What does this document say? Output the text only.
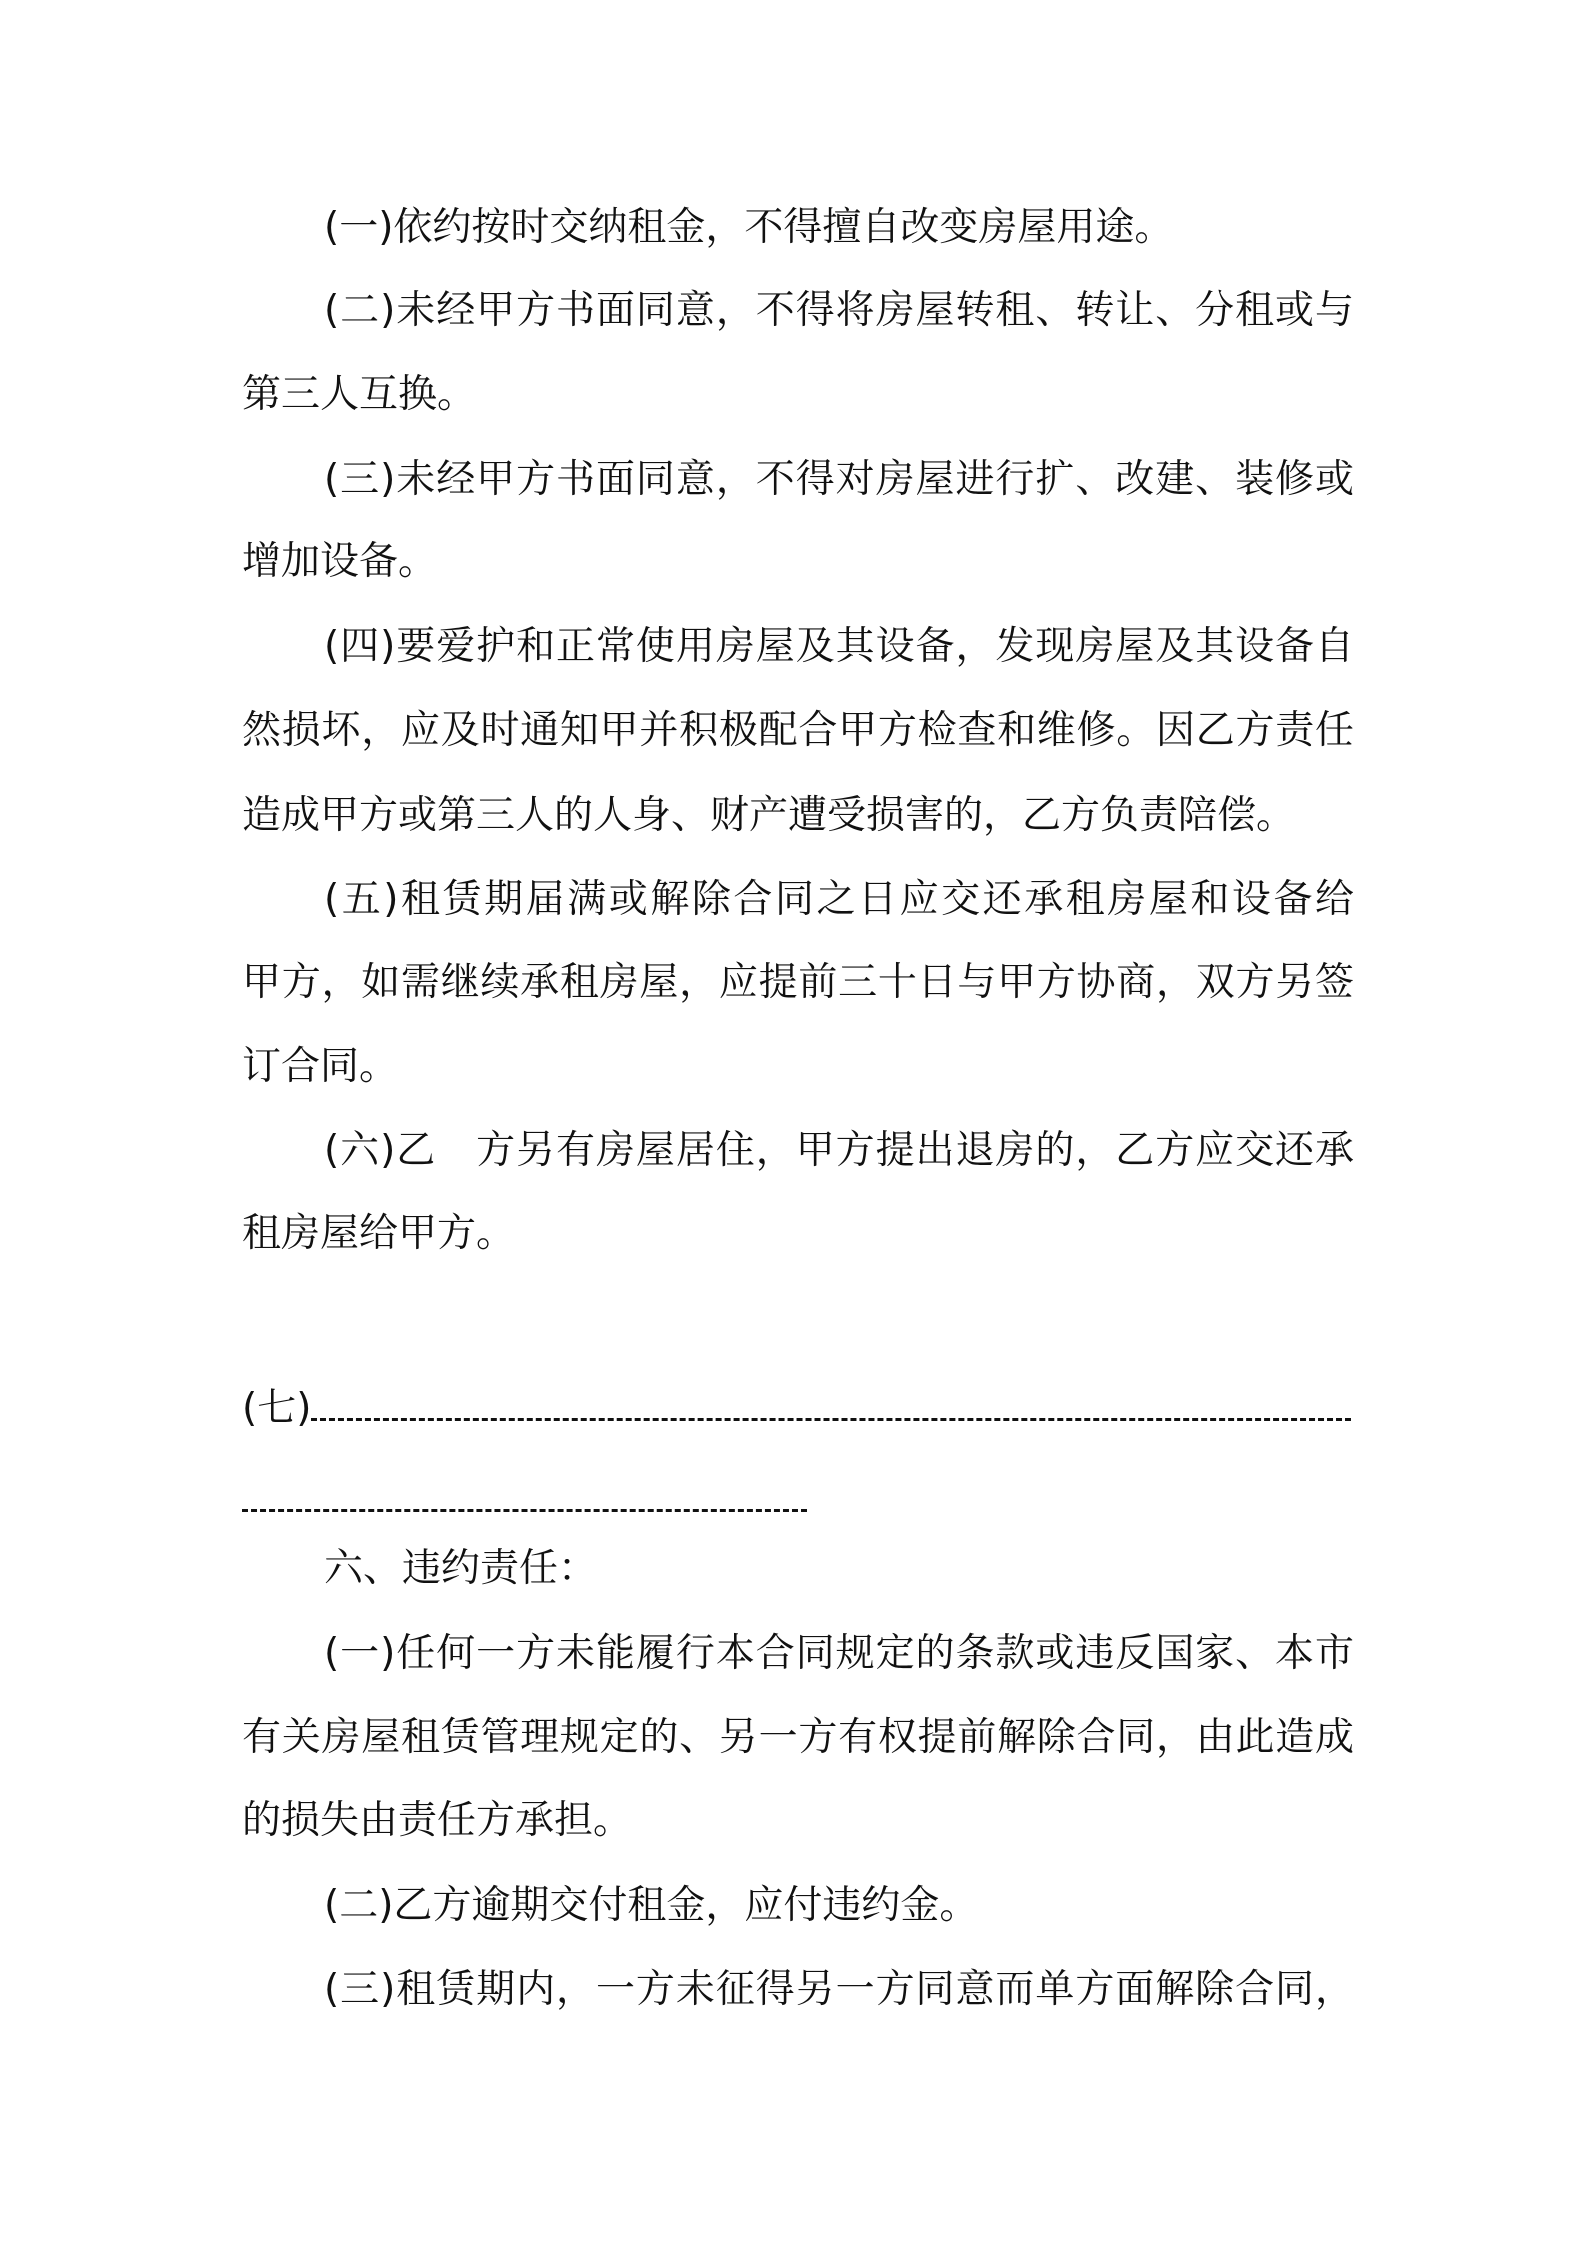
(一)依约按时交纳租金，不得擅自改变房屋用途。
(二)未经甲方书面同意，不得将房屋转租、转让、分租或与
第三人互换。
(三)未经甲方书面同意，不得对房屋进行扩、改建、装修或
增加设备。
(四)要爱护和正常使用房屋及其设备，发现房屋及其设备自
然损坏，应及时通知甲并积极配合甲方检查和维修。因乙方责任
造成甲方或第三人的人身、财产遭受损害的，乙方负责陪偿。
(五)租赁期届满或解除合同之日应交还承租房屋和设备给
甲方，如需继续承租房屋，应提前三十日与甲方协商，双方另签
订合同。
(六)乙　方另有房屋居住，甲方提出退房的，乙方应交还承
租房屋给甲方。
(七)
六、违约责任：
(一)任何一方未能履行本合同规定的条款或违反国家、本市
有关房屋租赁管理规定的、另一方有权提前解除合同，由此造成
的损失由责任方承担。
(二)乙方逾期交付租金，应付违约金。
(三)租赁期内，一方未征得另一方同意而单方面解除合同，
